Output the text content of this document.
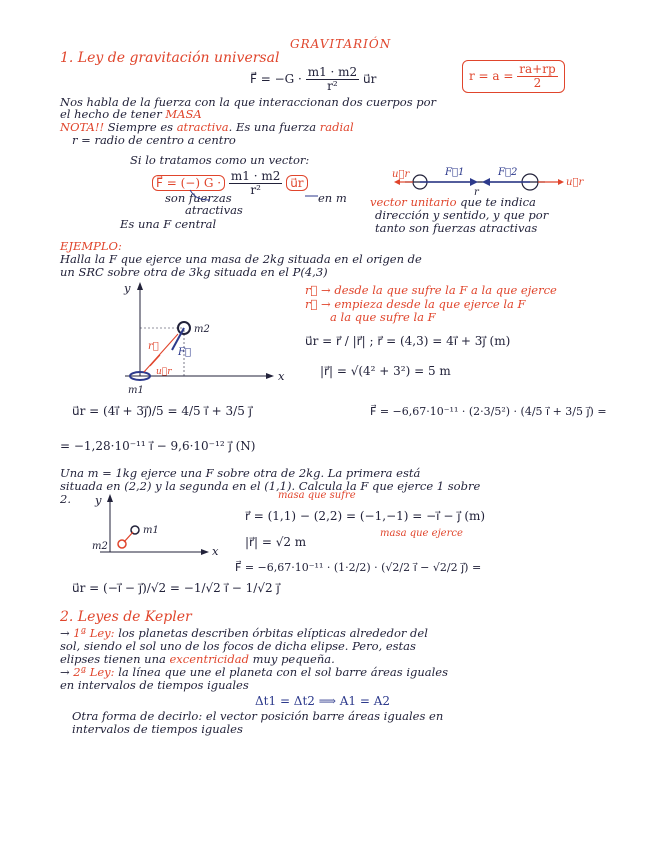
GRAVITARIÓN
1. Ley de gravitación universal
F⃗ = $-G \cdot \frac{m1 \cdot m2}{\text{r²}}$ u⃗r	$r = a = \frac{ra+rp}{2}$
Nos habla de la fuerza con la que interaccionan dos cuerpos por
el hecho de tener MASA
NOTA!! Siempre es atractiva. Es una fuerza radial
r = radio de centro a centro
Si lo tratamos como un vector:
F⃗ = (−) $G \cdot \frac{m1 \cdot m2}{\text{r²}}$ u⃗r
son fuerzas
atractivas
en m
Es una F central
vector unitario que te indica
dirección y sentido, y que por
tanto son fuerzas atractivas
u⃗r	F⃗1	F⃗2
u⃗r
r
EJEMPLO:
Halla la F que ejerce una masa de 2kg situada en el origen de
un SRC sobre otra de 3kg situada en el P(4,3)
r⃗ → desde la que sufre la F a la que ejerce
r⃗ → empieza desde la que ejerce la F
a la que sufre la F
u⃗r = r⃗ / |r⃗| ; r⃗ = (4,3) = 4i⃗ + 3j⃗ (m)
|r⃗| = √(4² + 3²) = 5 m
y
x
m1
m2
r⃗
F⃗
u⃗r
u⃗r = (4i⃗ + 3j⃗)/5 = 4/5 i⃗ + 3/5 j⃗	F⃗ = −6,67·10⁻¹¹ · (2·3/5²) · (4/5 i⃗ + 3/5 j⃗) =
= −1,28·10⁻¹¹ i⃗ − 9,6·10⁻¹² j⃗ (N)
Una m = 1kg ejerce una F sobre otra de 2kg. La primera está
situada en (2,2) y la segunda en el (1,1). Calcula la F que ejerce 1 sobre
2.	masa que sufre
r⃗ = (1,1) − (2,2) = (−1,−1) = −i⃗ − j⃗ (m)
masa que ejerce
|r⃗| = √2 m
F⃗ = −6,67·10⁻¹¹ · (1·2/2) · (√2/2 i⃗ − √2/2 j⃗) =
u⃗r = (−i⃗ − j⃗)/√2 = −1/√2 i⃗ − 1/√2 j⃗
y
x
m1
m2
2. Leyes de Kepler
→ 1ª Ley: los planetas describen órbitas elípticas alrededor del
sol, siendo el sol uno de los focos de dicha elipse. Pero, estas
elipses tienen una excentricidad muy pequeña.
→ 2ª Ley: la línea que une el planeta con el sol barre áreas iguales
en intervalos de tiempos iguales
Δt1 = Δt2 ⟹ A1 = A2
Otra forma de decirlo: el vector posición barre áreas iguales en
intervalos de tiempos iguales
